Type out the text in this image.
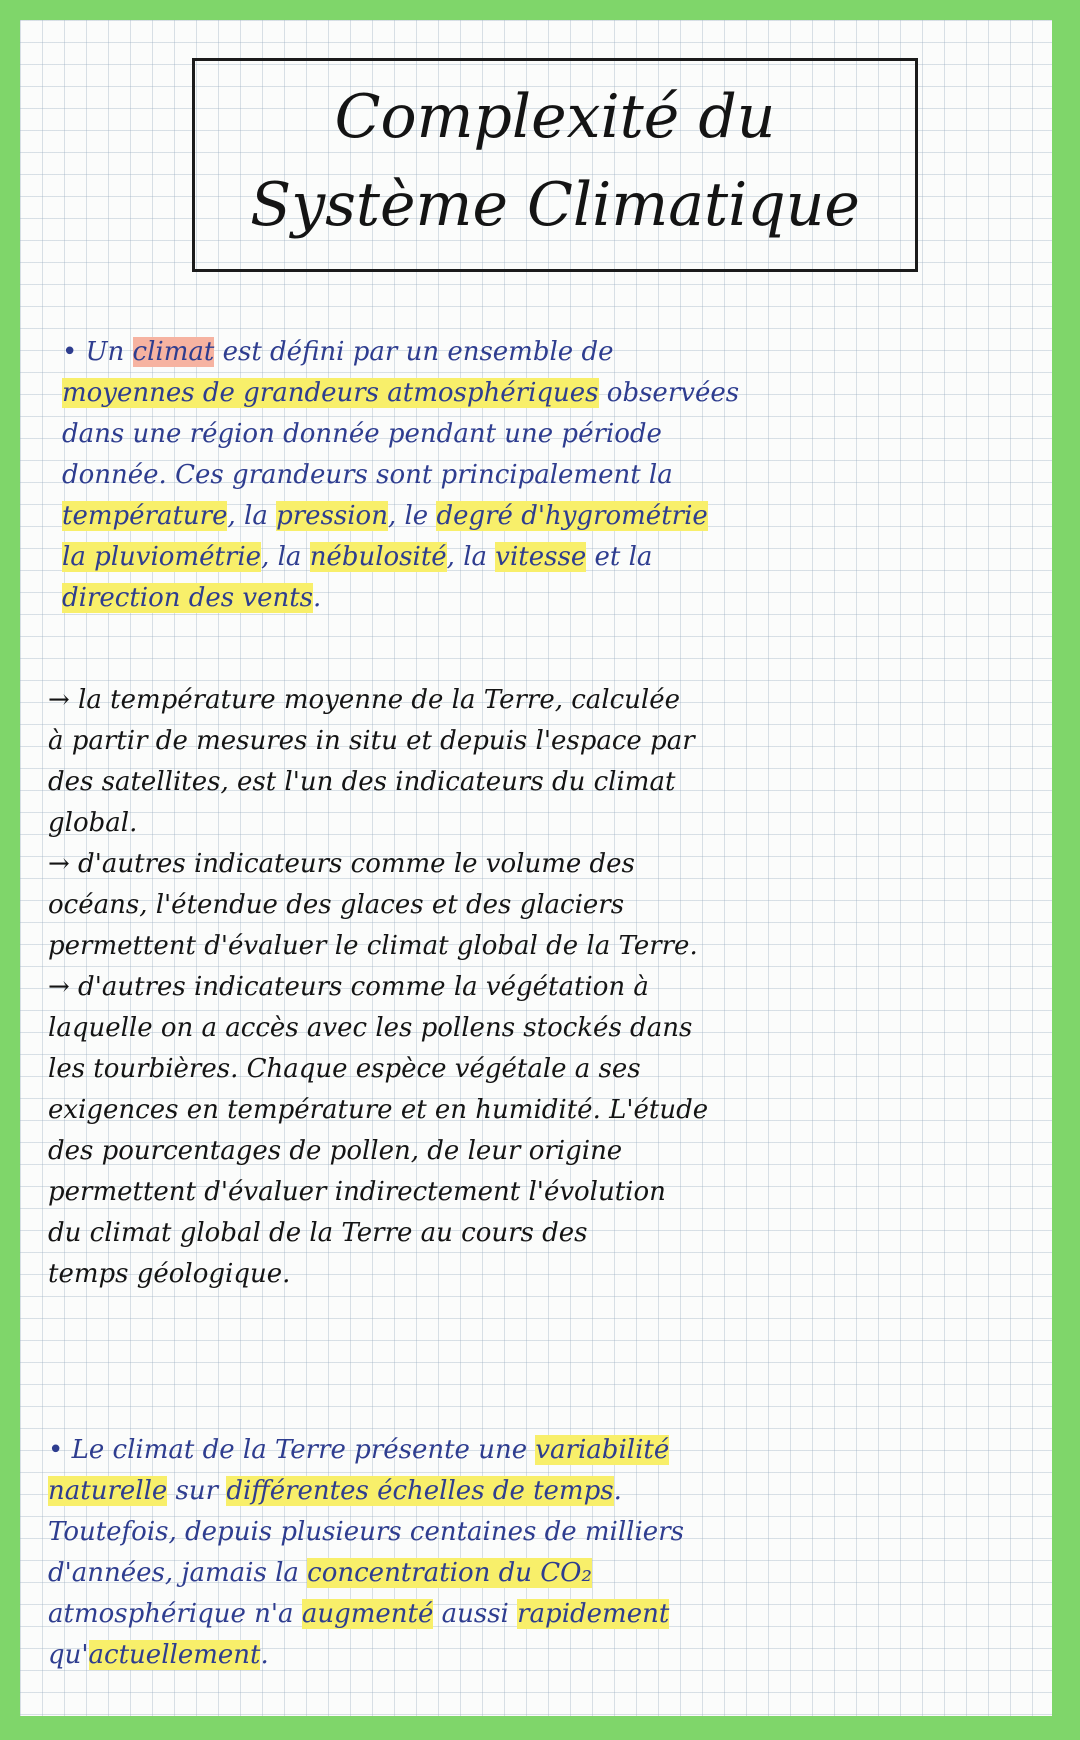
Complexité du
Système Climatique
• Un climat est défini par un ensemble de
moyennes de grandeurs atmosphériques observées
dans une région donnée pendant une période
donnée. Ces grandeurs sont principalement la
température, la pression, le degré d'hygrométrie
la pluviométrie, la nébulosité, la vitesse et la
direction des vents.
→ la température moyenne de la Terre, calculée
à partir de mesures in situ et depuis l'espace par
des satellites, est l'un des indicateurs du climat
global.
→ d'autres indicateurs comme le volume des
océans, l'étendue des glaces et des glaciers
permettent d'évaluer le climat global de la Terre.
→ d'autres indicateurs comme la végétation à
laquelle on a accès avec les pollens stockés dans
les tourbières. Chaque espèce végétale a ses
exigences en température et en humidité. L'étude
des pourcentages de pollen, de leur origine
permettent d'évaluer indirectement l'évolution
du climat global de la Terre au cours des
temps géologique.
• Le climat de la Terre présente une variabilité
naturelle sur différentes échelles de temps.
Toutefois, depuis plusieurs centaines de milliers
d'années, jamais la concentration du CO₂
atmosphérique n'a augmenté aussi rapidement
qu'actuellement.
